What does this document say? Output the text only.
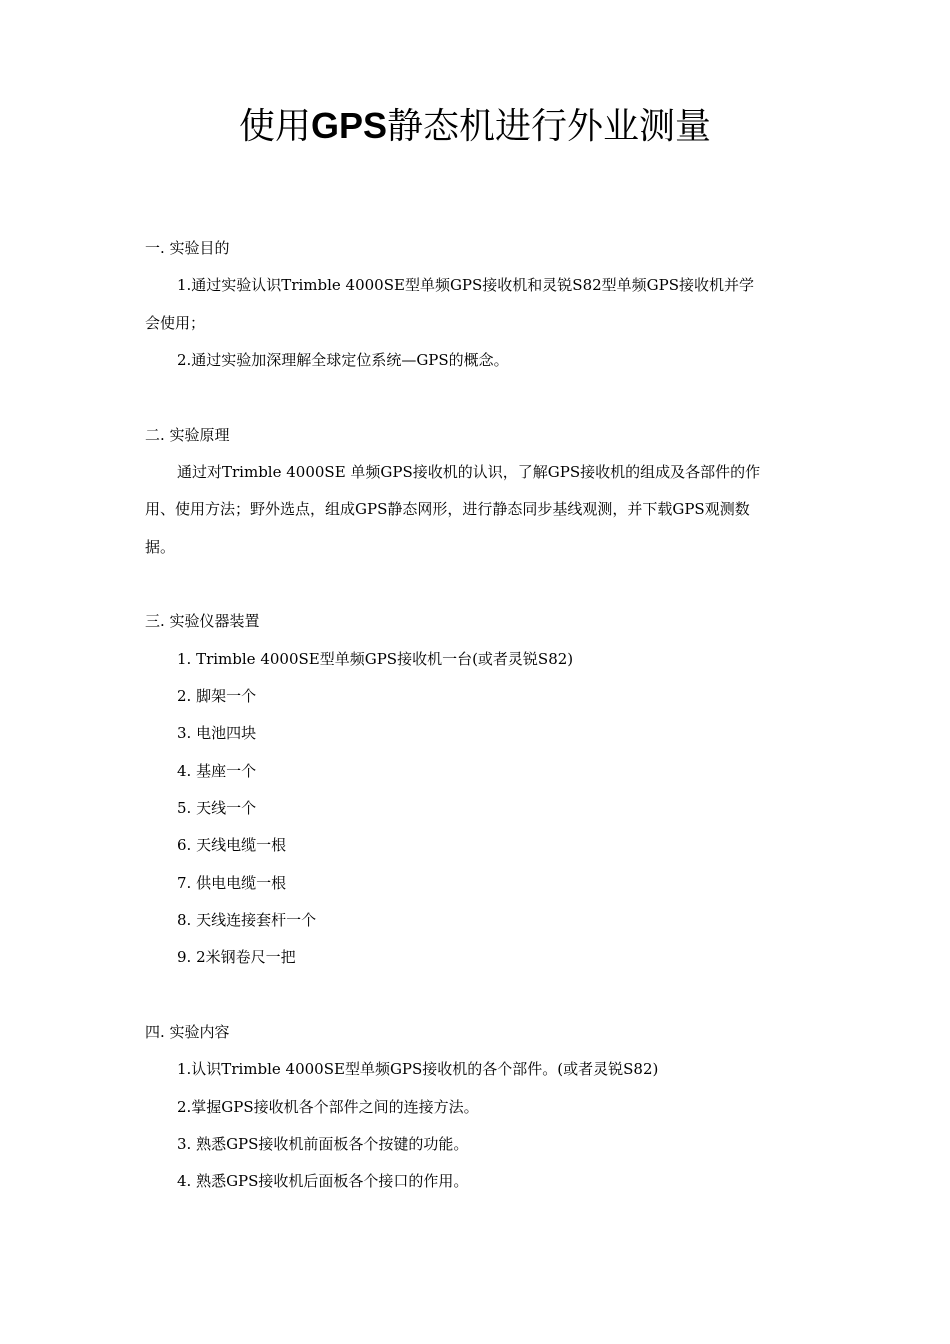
使用GPS静态机进行外业测量
一. 实验目的
1.通过实验认识Trimble 4000SE型单频GPS接收机和灵锐S82型单频GPS接收机并学
会使用；
2.通过实验加深理解全球定位系统—GPS的概念。
二. 实验原理
通过对Trimble 4000SE 单频GPS接收机的认识，了解GPS接收机的组成及各部件的作
用、使用方法；野外选点，组成GPS静态网形，进行静态同步基线观测，并下载GPS观测数
据。
三. 实验仪器装置
1. Trimble 4000SE型单频GPS接收机一台(或者灵锐S82)
2. 脚架一个
3. 电池四块
4. 基座一个
5. 天线一个
6. 天线电缆一根
7. 供电电缆一根
8. 天线连接套杆一个
9. 2米钢卷尺一把
四. 实验内容
1.认识Trimble 4000SE型单频GPS接收机的各个部件。(或者灵锐S82)
2.掌握GPS接收机各个部件之间的连接方法。
3. 熟悉GPS接收机前面板各个按键的功能。
4. 熟悉GPS接收机后面板各个接口的作用。
